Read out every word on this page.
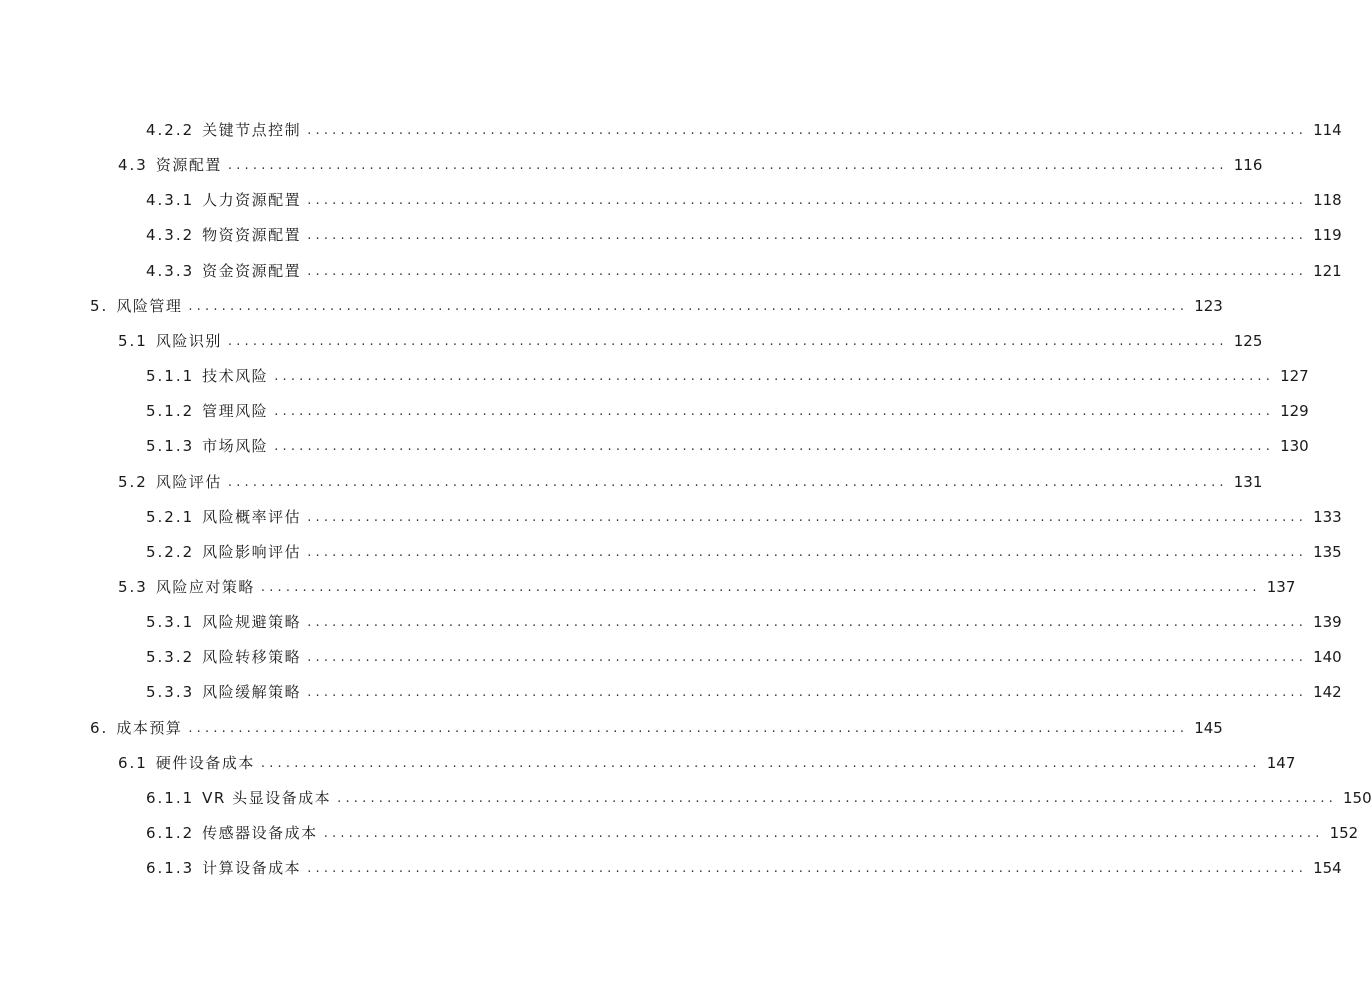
4.2.2 关键节点控制 ........................................................................................................................ 114
4.3 资源配置 ........................................................................................................................ 116
4.3.1 人力资源配置 ........................................................................................................................ 118
4.3.2 物资资源配置 ........................................................................................................................ 119
4.3.3 资金资源配置 ........................................................................................................................ 121
5. 风险管理 ........................................................................................................................ 123
5.1 风险识别 ........................................................................................................................ 125
5.1.1 技术风险 ........................................................................................................................ 127
5.1.2 管理风险 ........................................................................................................................ 129
5.1.3 市场风险 ........................................................................................................................ 130
5.2 风险评估 ........................................................................................................................ 131
5.2.1 风险概率评估 ........................................................................................................................ 133
5.2.2 风险影响评估 ........................................................................................................................ 135
5.3 风险应对策略 ........................................................................................................................ 137
5.3.1 风险规避策略 ........................................................................................................................ 139
5.3.2 风险转移策略 ........................................................................................................................ 140
5.3.3 风险缓解策略 ........................................................................................................................ 142
6. 成本预算 ........................................................................................................................ 145
6.1 硬件设备成本 ........................................................................................................................ 147
6.1.1 VR 头显设备成本 ........................................................................................................................ 150
6.1.2 传感器设备成本 ........................................................................................................................ 152
6.1.3 计算设备成本 ........................................................................................................................ 154
